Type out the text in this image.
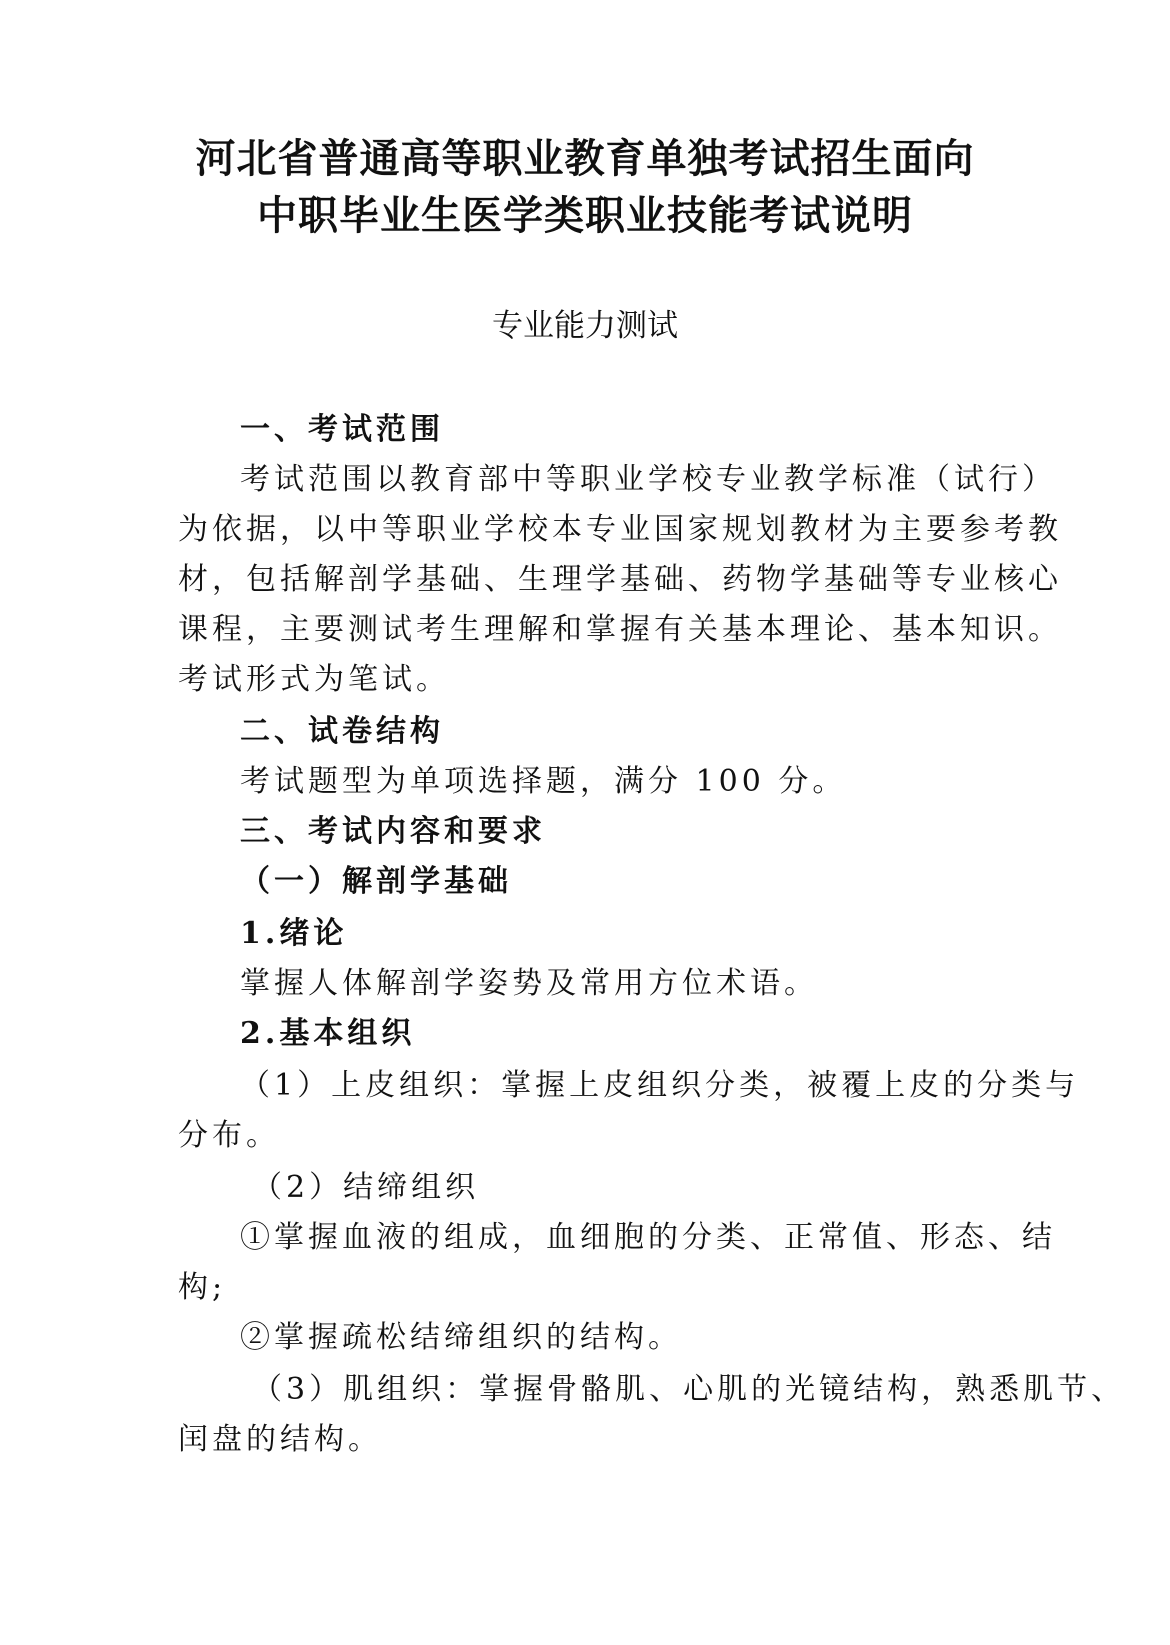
河北省普通高等职业教育单独考试招生面向
中职毕业生医学类职业技能考试说明
专业能力测试
一、考试范围
考试范围以教育部中等职业学校专业教学标准（试行）
为依据，以中等职业学校本专业国家规划教材为主要参考教
材，包括解剖学基础、生理学基础、药物学基础等专业核心
课程，主要测试考生理解和掌握有关基本理论、基本知识。
考试形式为笔试。
二、试卷结构
考试题型为单项选择题，满分 100 分。
三、考试内容和要求
（一）解剖学基础
1.绪论
掌握人体解剖学姿势及常用方位术语。
2.基本组织
（1）上皮组织：掌握上皮组织分类，被覆上皮的分类与
分布。
（2）结缔组织
①掌握血液的组成，血细胞的分类、正常值、形态、结
构;
②掌握疏松结缔组织的结构。
（3）肌组织：掌握骨骼肌、心肌的光镜结构，熟悉肌节、
闰盘的结构。
